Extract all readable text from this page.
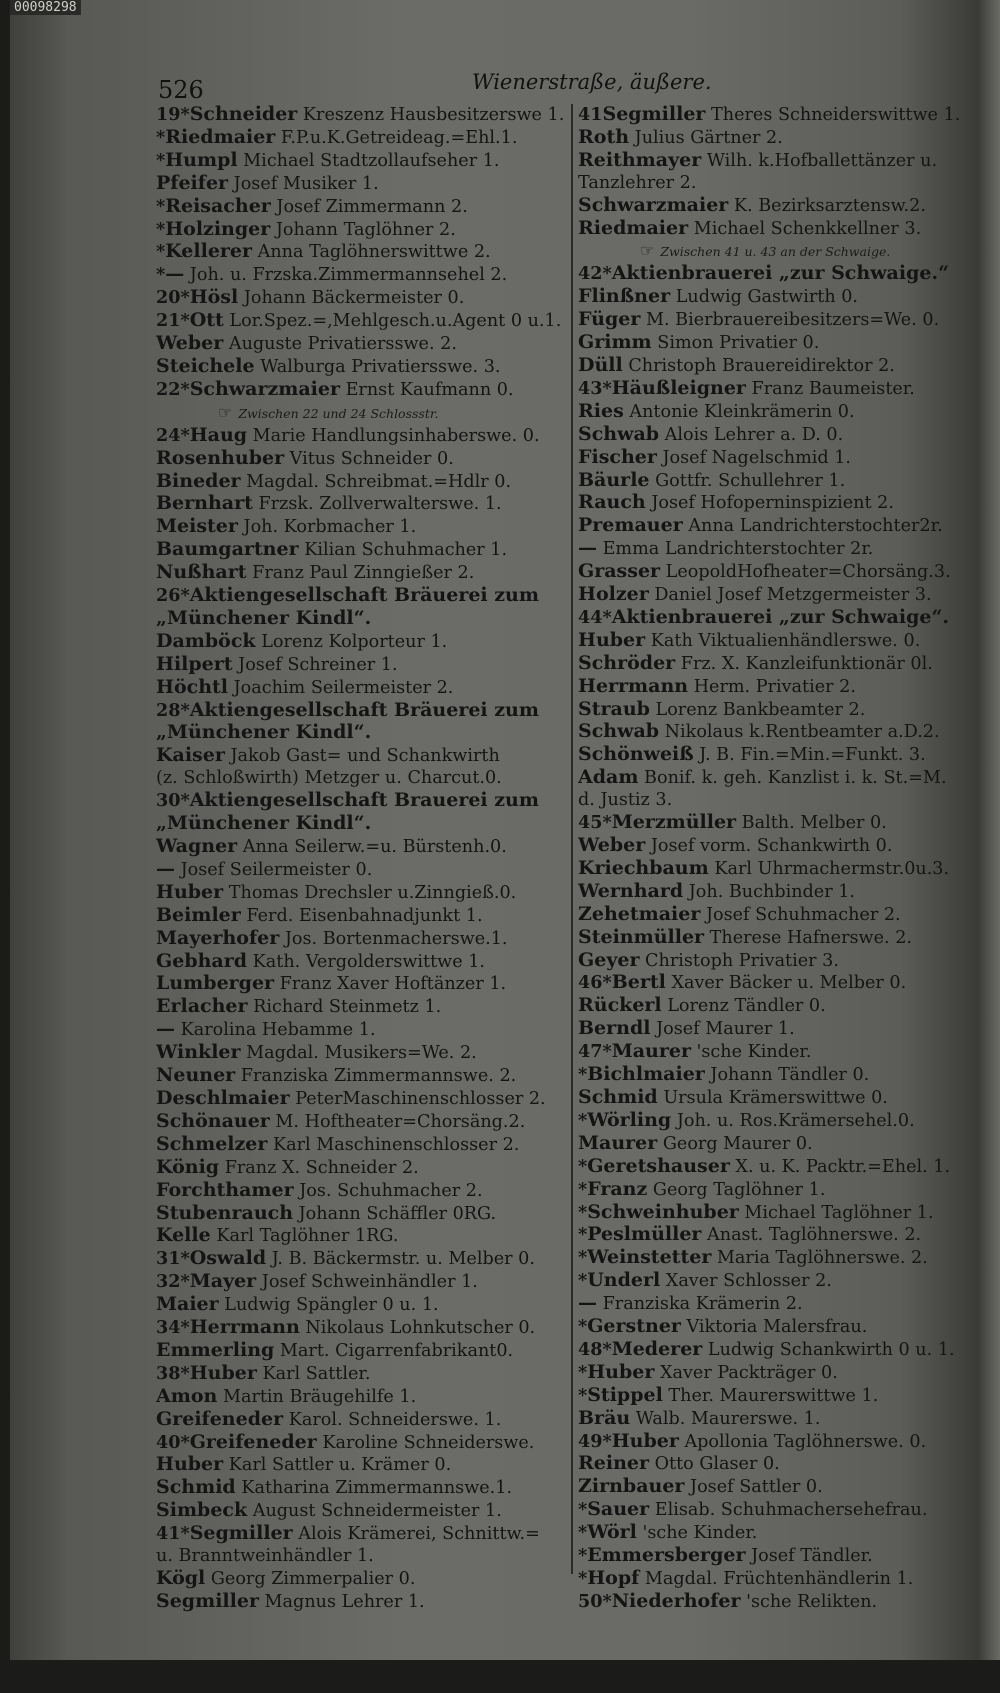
00098298
526	Wienerstraße, äußere.
19*Schneider Kreszenz Hausbesitzerswe 1.
*Riedmaier F.P.u.K.Getreideag.=Ehl.1.
*Humpl Michael Stadtzollaufseher 1.
Pfeifer Josef Musiker 1.
*Reisacher Josef Zimmermann 2.
*Holzinger Johann Taglöhner 2.
*Kellerer Anna Taglöhnerswittwe 2.
*— Joh. u. Frzska.Zimmermannsehel 2.
20*Hösl Johann Bäckermeister 0.
21*Ott Lor.Spez.=,Mehlgesch.u.Agent 0 u.1.
Weber Auguste Privatiersswe. 2.
Steichele Walburga Privatiersswe. 3.
22*Schwarzmaier Ernst Kaufmann 0.
☞ Zwischen 22 und 24 Schlossstr.
24*Haug Marie Handlungsinhaberswe. 0.
Rosenhuber Vitus Schneider 0.
Bineder Magdal. Schreibmat.=Hdlr 0.
Bernhart Frzsk. Zollverwalterswe. 1.
Meister Joh. Korbmacher 1.
Baumgartner Kilian Schuhmacher 1.
Nußhart Franz Paul Zinngießer 2.
26*Aktiengesellschaft Bräuerei zum
„Münchener Kindl“.
Damböck Lorenz Kolporteur 1.
Hilpert Josef Schreiner 1.
Höchtl Joachim Seilermeister 2.
28*Aktiengesellschaft Bräuerei zum
„Münchener Kindl“.
Kaiser Jakob Gast= und Schankwirth
(z. Schloßwirth) Metzger u. Charcut.0.
30*Aktiengesellschaft Brauerei zum
„Münchener Kindl“.
Wagner Anna Seilerw.=u. Bürstenh.0.
— Josef Seilermeister 0.
Huber Thomas Drechsler u.Zinngieß.0.
Beimler Ferd. Eisenbahnadjunkt 1.
Mayerhofer Jos. Bortenmacherswe.1.
Gebhard Kath. Vergolderswittwe 1.
Lumberger Franz Xaver Hoftänzer 1.
Erlacher Richard Steinmetz 1.
— Karolina Hebamme 1.
Winkler Magdal. Musikers=We. 2.
Neuner Franziska Zimmermannswe. 2.
Deschlmaier PeterMaschinenschlosser 2.
Schönauer M. Hoftheater=Chorsäng.2.
Schmelzer Karl Maschinenschlosser 2.
König Franz X. Schneider 2.
Forchthamer Jos. Schuhmacher 2.
Stubenrauch Johann Schäffler 0RG.
Kelle Karl Taglöhner 1RG.
31*Oswald J. B. Bäckermstr. u. Melber 0.
32*Mayer Josef Schweinhändler 1.
Maier Ludwig Spängler 0 u. 1.
34*Herrmann Nikolaus Lohnkutscher 0.
Emmerling Mart. Cigarrenfabrikant0.
38*Huber Karl Sattler.
Amon Martin Bräugehilfe 1.
Greifeneder Karol. Schneiderswe. 1.
40*Greifeneder Karoline Schneiderswe.
Huber Karl Sattler u. Krämer 0.
Schmid Katharina Zimmermannswe.1.
Simbeck August Schneidermeister 1.
41*Segmiller Alois Krämerei, Schnittw.=
u. Branntweinhändler 1.
Kögl Georg Zimmerpalier 0.
Segmiller Magnus Lehrer 1.
41Segmiller Theres Schneiderswittwe 1.
Roth Julius Gärtner 2.
Reithmayer Wilh. k.Hofballettänzer u.
Tanzlehrer 2.
Schwarzmaier K. Bezirksarztensw.2.
Riedmaier Michael Schenkkellner 3.
☞ Zwischen 41 u. 43 an der Schwaige.
42*Aktienbrauerei „zur Schwaige.“
Flinßner Ludwig Gastwirth 0.
Füger M. Bierbrauereibesitzers=We. 0.
Grimm Simon Privatier 0.
Düll Christoph Brauereidirektor 2.
43*Häußleigner Franz Baumeister.
Ries Antonie Kleinkrämerin 0.
Schwab Alois Lehrer a. D. 0.
Fischer Josef Nagelschmid 1.
Bäurle Gottfr. Schullehrer 1.
Rauch Josef Hofoperninspizient 2.
Premauer Anna Landrichterstochter2r.
— Emma Landrichterstochter 2r.
Grasser LeopoldHofheater=Chorsäng.3.
Holzer Daniel Josef Metzgermeister 3.
44*Aktienbrauerei „zur Schwaige“.
Huber Kath Viktualienhändlerswe. 0.
Schröder Frz. X. Kanzleifunktionär 0l.
Herrmann Herm. Privatier 2.
Straub Lorenz Bankbeamter 2.
Schwab Nikolaus k.Rentbeamter a.D.2.
Schönweiß J. B. Fin.=Min.=Funkt. 3.
Adam Bonif. k. geh. Kanzlist i. k. St.=M.
d. Justiz 3.
45*Merzmüller Balth. Melber 0.
Weber Josef vorm. Schankwirth 0.
Kriechbaum Karl Uhrmachermstr.0u.3.
Wernhard Joh. Buchbinder 1.
Zehetmaier Josef Schuhmacher 2.
Steinmüller Therese Hafnerswe. 2.
Geyer Christoph Privatier 3.
46*Bertl Xaver Bäcker u. Melber 0.
Rückerl Lorenz Tändler 0.
Berndl Josef Maurer 1.
47*Maurer 'sche Kinder.
*Bichlmaier Johann Tändler 0.
Schmid Ursula Krämerswittwe 0.
*Wörling Joh. u. Ros.Krämersehel.0.
Maurer Georg Maurer 0.
*Geretshauser X. u. K. Packtr.=Ehel. 1.
*Franz Georg Taglöhner 1.
*Schweinhuber Michael Taglöhner 1.
*Peslmüller Anast. Taglöhnerswe. 2.
*Weinstetter Maria Taglöhnerswe. 2.
*Underl Xaver Schlosser 2.
— Franziska Krämerin 2.
*Gerstner Viktoria Malersfrau.
48*Mederer Ludwig Schankwirth 0 u. 1.
*Huber Xaver Packträger 0.
*Stippel Ther. Maurerswittwe 1.
Bräu Walb. Maurerswe. 1.
49*Huber Apollonia Taglöhnerswe. 0.
Reiner Otto Glaser 0.
Zirnbauer Josef Sattler 0.
*Sauer Elisab. Schuhmachersehefrau.
*Wörl 'sche Kinder.
*Emmersberger Josef Tändler.
*Hopf Magdal. Früchtenhändlerin 1.
50*Niederhofer 'sche Relikten.
